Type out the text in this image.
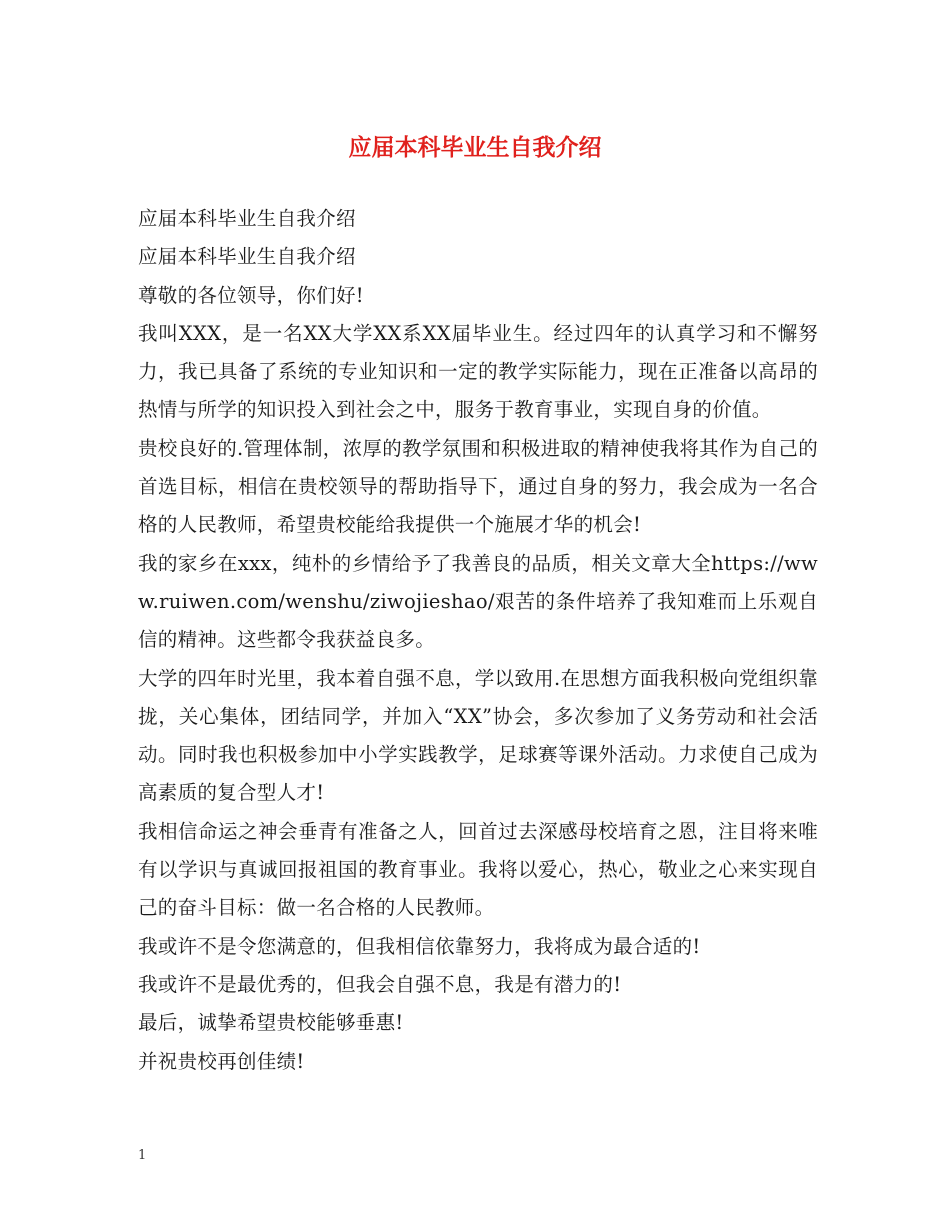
应届本科毕业生自我介绍

应届本科毕业生自我介绍

应届本科毕业生自我介绍

尊敬的各位领导，你们好!

我叫XXX，是一名XX大学XX系XX届毕业生。经过四年的认真学习和不懈努力，我已具备了系统的专业知识和一定的教学实际能力，现在正准备以高昂的热情与所学的知识投入到社会之中，服务于教育事业，实现自身的价值。

贵校良好的.管理体制，浓厚的教学氛围和积极进取的精神使我将其作为自己的首选目标，相信在贵校领导的帮助指导下，通过自身的努力，我会成为一名合格的人民教师，希望贵校能给我提供一个施展才华的机会!

我的家乡在xxx，纯朴的乡情给予了我善良的品质，相关文章大全https://www.ruiwen.com/wenshu/ziwojieshao/艰苦的条件培养了我知难而上乐观自信的精神。这些都令我获益良多。

大学的四年时光里，我本着自强不息，学以致用.在思想方面我积极向党组织靠拢，关心集体，团结同学，并加入“XX”协会，多次参加了义务劳动和社会活动。同时我也积极参加中小学实践教学，足球赛等课外活动。力求使自己成为高素质的复合型人才!

我相信命运之神会垂青有准备之人，回首过去深感母校培育之恩，注目将来唯有以学识与真诚回报祖国的教育事业。我将以爱心，热心，敬业之心来实现自己的奋斗目标：做一名合格的人民教师。

我或许不是令您满意的，但我相信依靠努力，我将成为最合适的!

我或许不是最优秀的，但我会自强不息，我是有潜力的!

最后，诚挚希望贵校能够垂惠!

并祝贵校再创佳绩!

1
